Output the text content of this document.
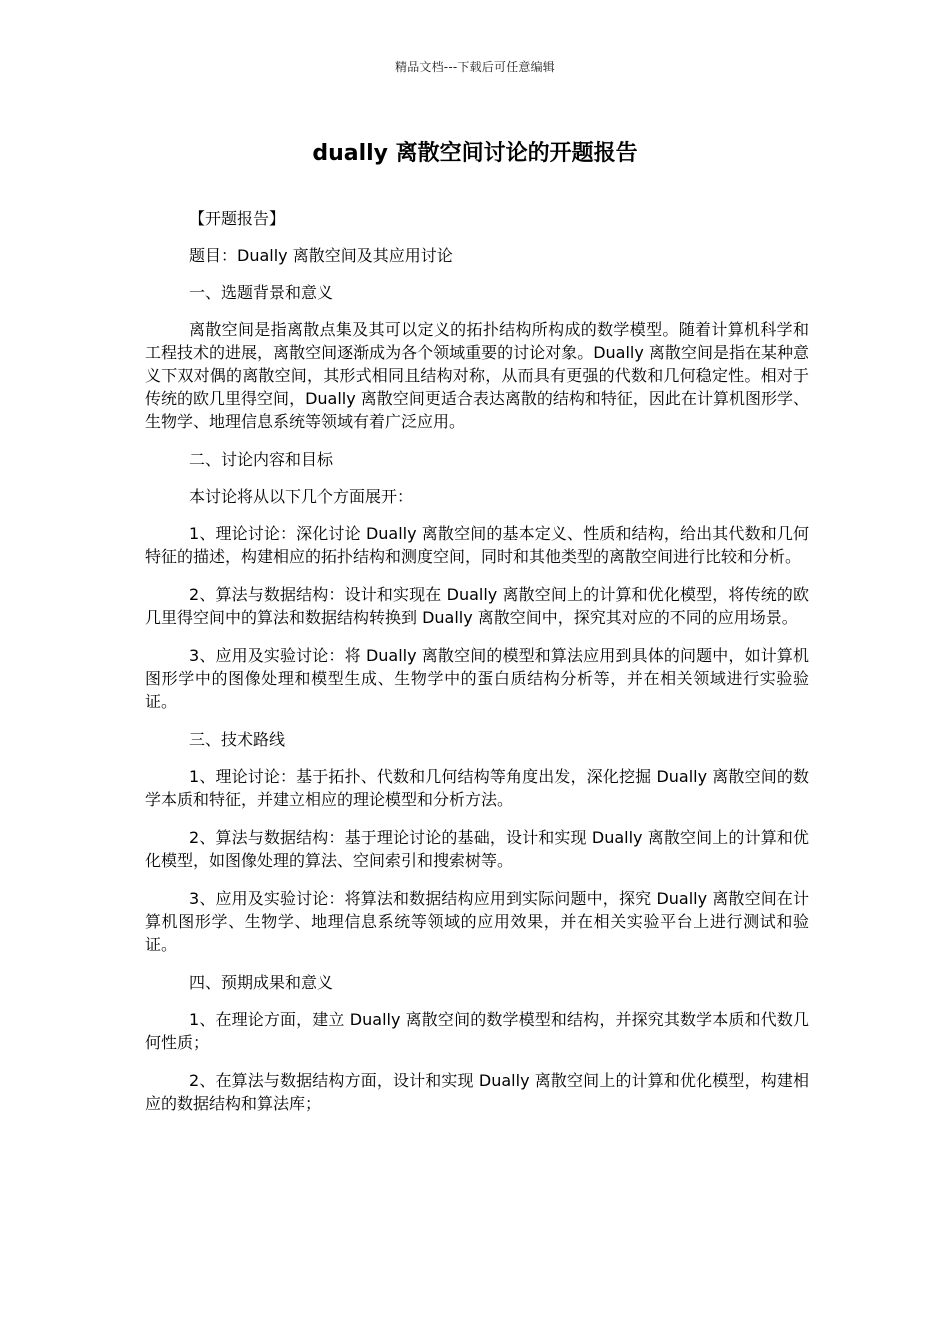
精品文档---下载后可任意编辑
dually 离散空间讨论的开题报告

【开题报告】

题目：Dually 离散空间及其应用讨论

一、选题背景和意义

离散空间是指离散点集及其可以定义的拓扑结构所构成的数学模型。随着计算机科学和工程技术的进展，离散空间逐渐成为各个领域重要的讨论对象。Dually 离散空间是指在某种意义下双对偶的离散空间，其形式相同且结构对称，从而具有更强的代数和几何稳定性。相对于传统的欧几里得空间，Dually 离散空间更适合表达离散的结构和特征，因此在计算机图形学、生物学、地理信息系统等领域有着广泛应用。

二、讨论内容和目标

本讨论将从以下几个方面展开：

1、理论讨论：深化讨论 Dually 离散空间的基本定义、性质和结构，给出其代数和几何特征的描述，构建相应的拓扑结构和测度空间，同时和其他类型的离散空间进行比较和分析。

2、算法与数据结构：设计和实现在 Dually 离散空间上的计算和优化模型，将传统的欧几里得空间中的算法和数据结构转换到 Dually 离散空间中，探究其对应的不同的应用场景。

3、应用及实验讨论：将 Dually 离散空间的模型和算法应用到具体的问题中，如计算机图形学中的图像处理和模型生成、生物学中的蛋白质结构分析等，并在相关领域进行实验验证。

三、技术路线

1、理论讨论：基于拓扑、代数和几何结构等角度出发，深化挖掘 Dually 离散空间的数学本质和特征，并建立相应的理论模型和分析方法。

2、算法与数据结构：基于理论讨论的基础，设计和实现 Dually 离散空间上的计算和优化模型，如图像处理的算法、空间索引和搜索树等。

3、应用及实验讨论：将算法和数据结构应用到实际问题中，探究 Dually 离散空间在计算机图形学、生物学、地理信息系统等领域的应用效果，并在相关实验平台上进行测试和验证。

四、预期成果和意义

1、在理论方面，建立 Dually 离散空间的数学模型和结构，并探究其数学本质和代数几何性质；

2、在算法与数据结构方面，设计和实现 Dually 离散空间上的计算和优化模型，构建相应的数据结构和算法库；
